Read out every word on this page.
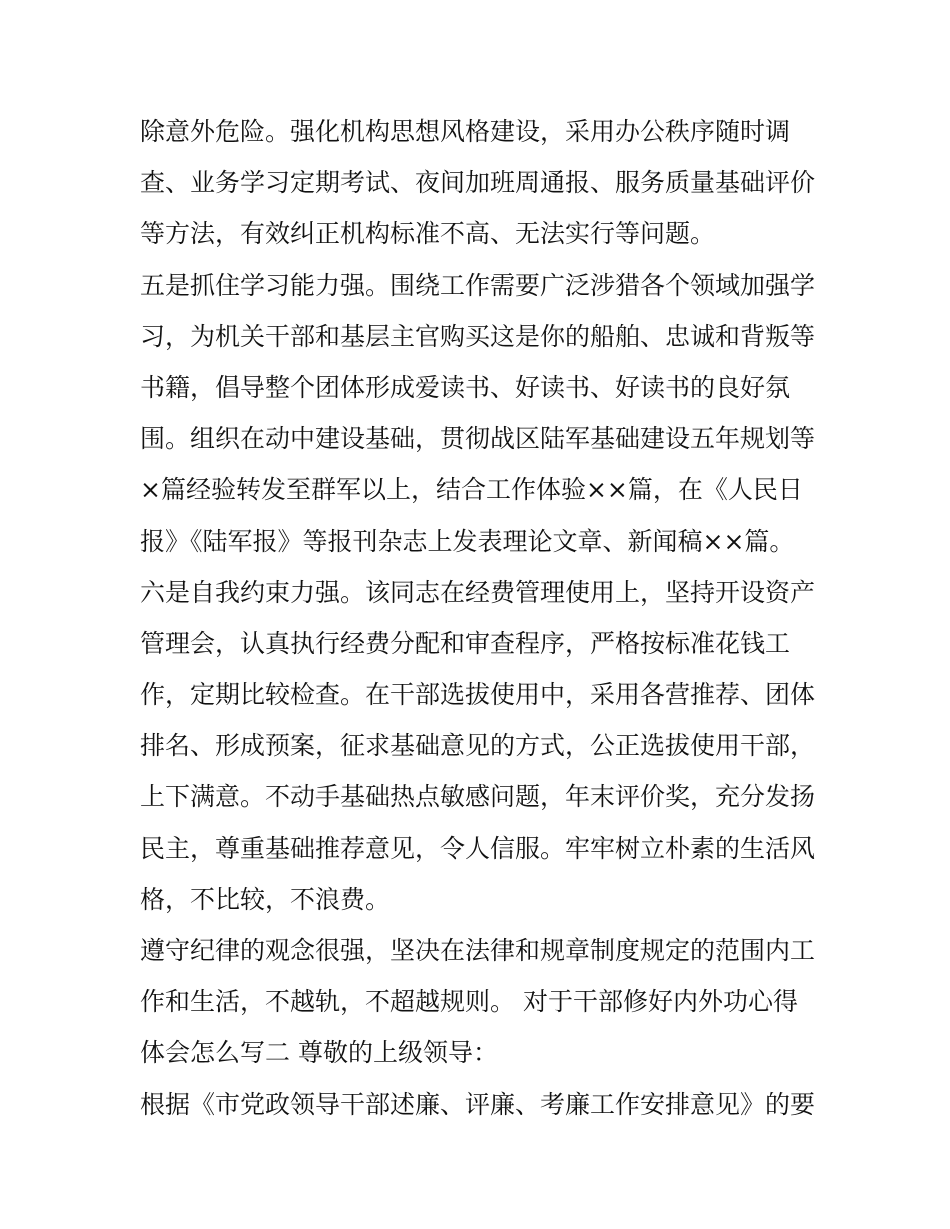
除意外危险。强化机构思想风格建设，采用办公秩序随时调
查、业务学习定期考试、夜间加班周通报、服务质量基础评价
等方法，有效纠正机构标准不高、无法实行等问题。
五是抓住学习能力强。围绕工作需要广泛涉猎各个领域加强学
习，为机关干部和基层主官购买这是你的船舶、忠诚和背叛等
书籍，倡导整个团体形成爱读书、好读书、好读书的良好氛
围。组织在动中建设基础，贯彻战区陆军基础建设五年规划等
×篇经验转发至群军以上，结合工作体验××篇，在《人民日
报》《陆军报》等报刊杂志上发表理论文章、新闻稿××篇。
六是自我约束力强。该同志在经费管理使用上，坚持开设资产
管理会，认真执行经费分配和审查程序，严格按标准花钱工
作，定期比较检查。在干部选拔使用中，采用各营推荐、团体
排名、形成预案，征求基础意见的方式，公正选拔使用干部，
上下满意。不动手基础热点敏感问题，年末评价奖，充分发扬
民主，尊重基础推荐意见，令人信服。牢牢树立朴素的生活风
格，不比较，不浪费。
遵守纪律的观念很强，坚决在法律和规章制度规定的范围内工
作和生活，不越轨，不超越规则。 对于干部修好内外功心得
体会怎么写二 尊敬的上级领导：
根据《市党政领导干部述廉、评廉、考廉工作安排意见》的要
